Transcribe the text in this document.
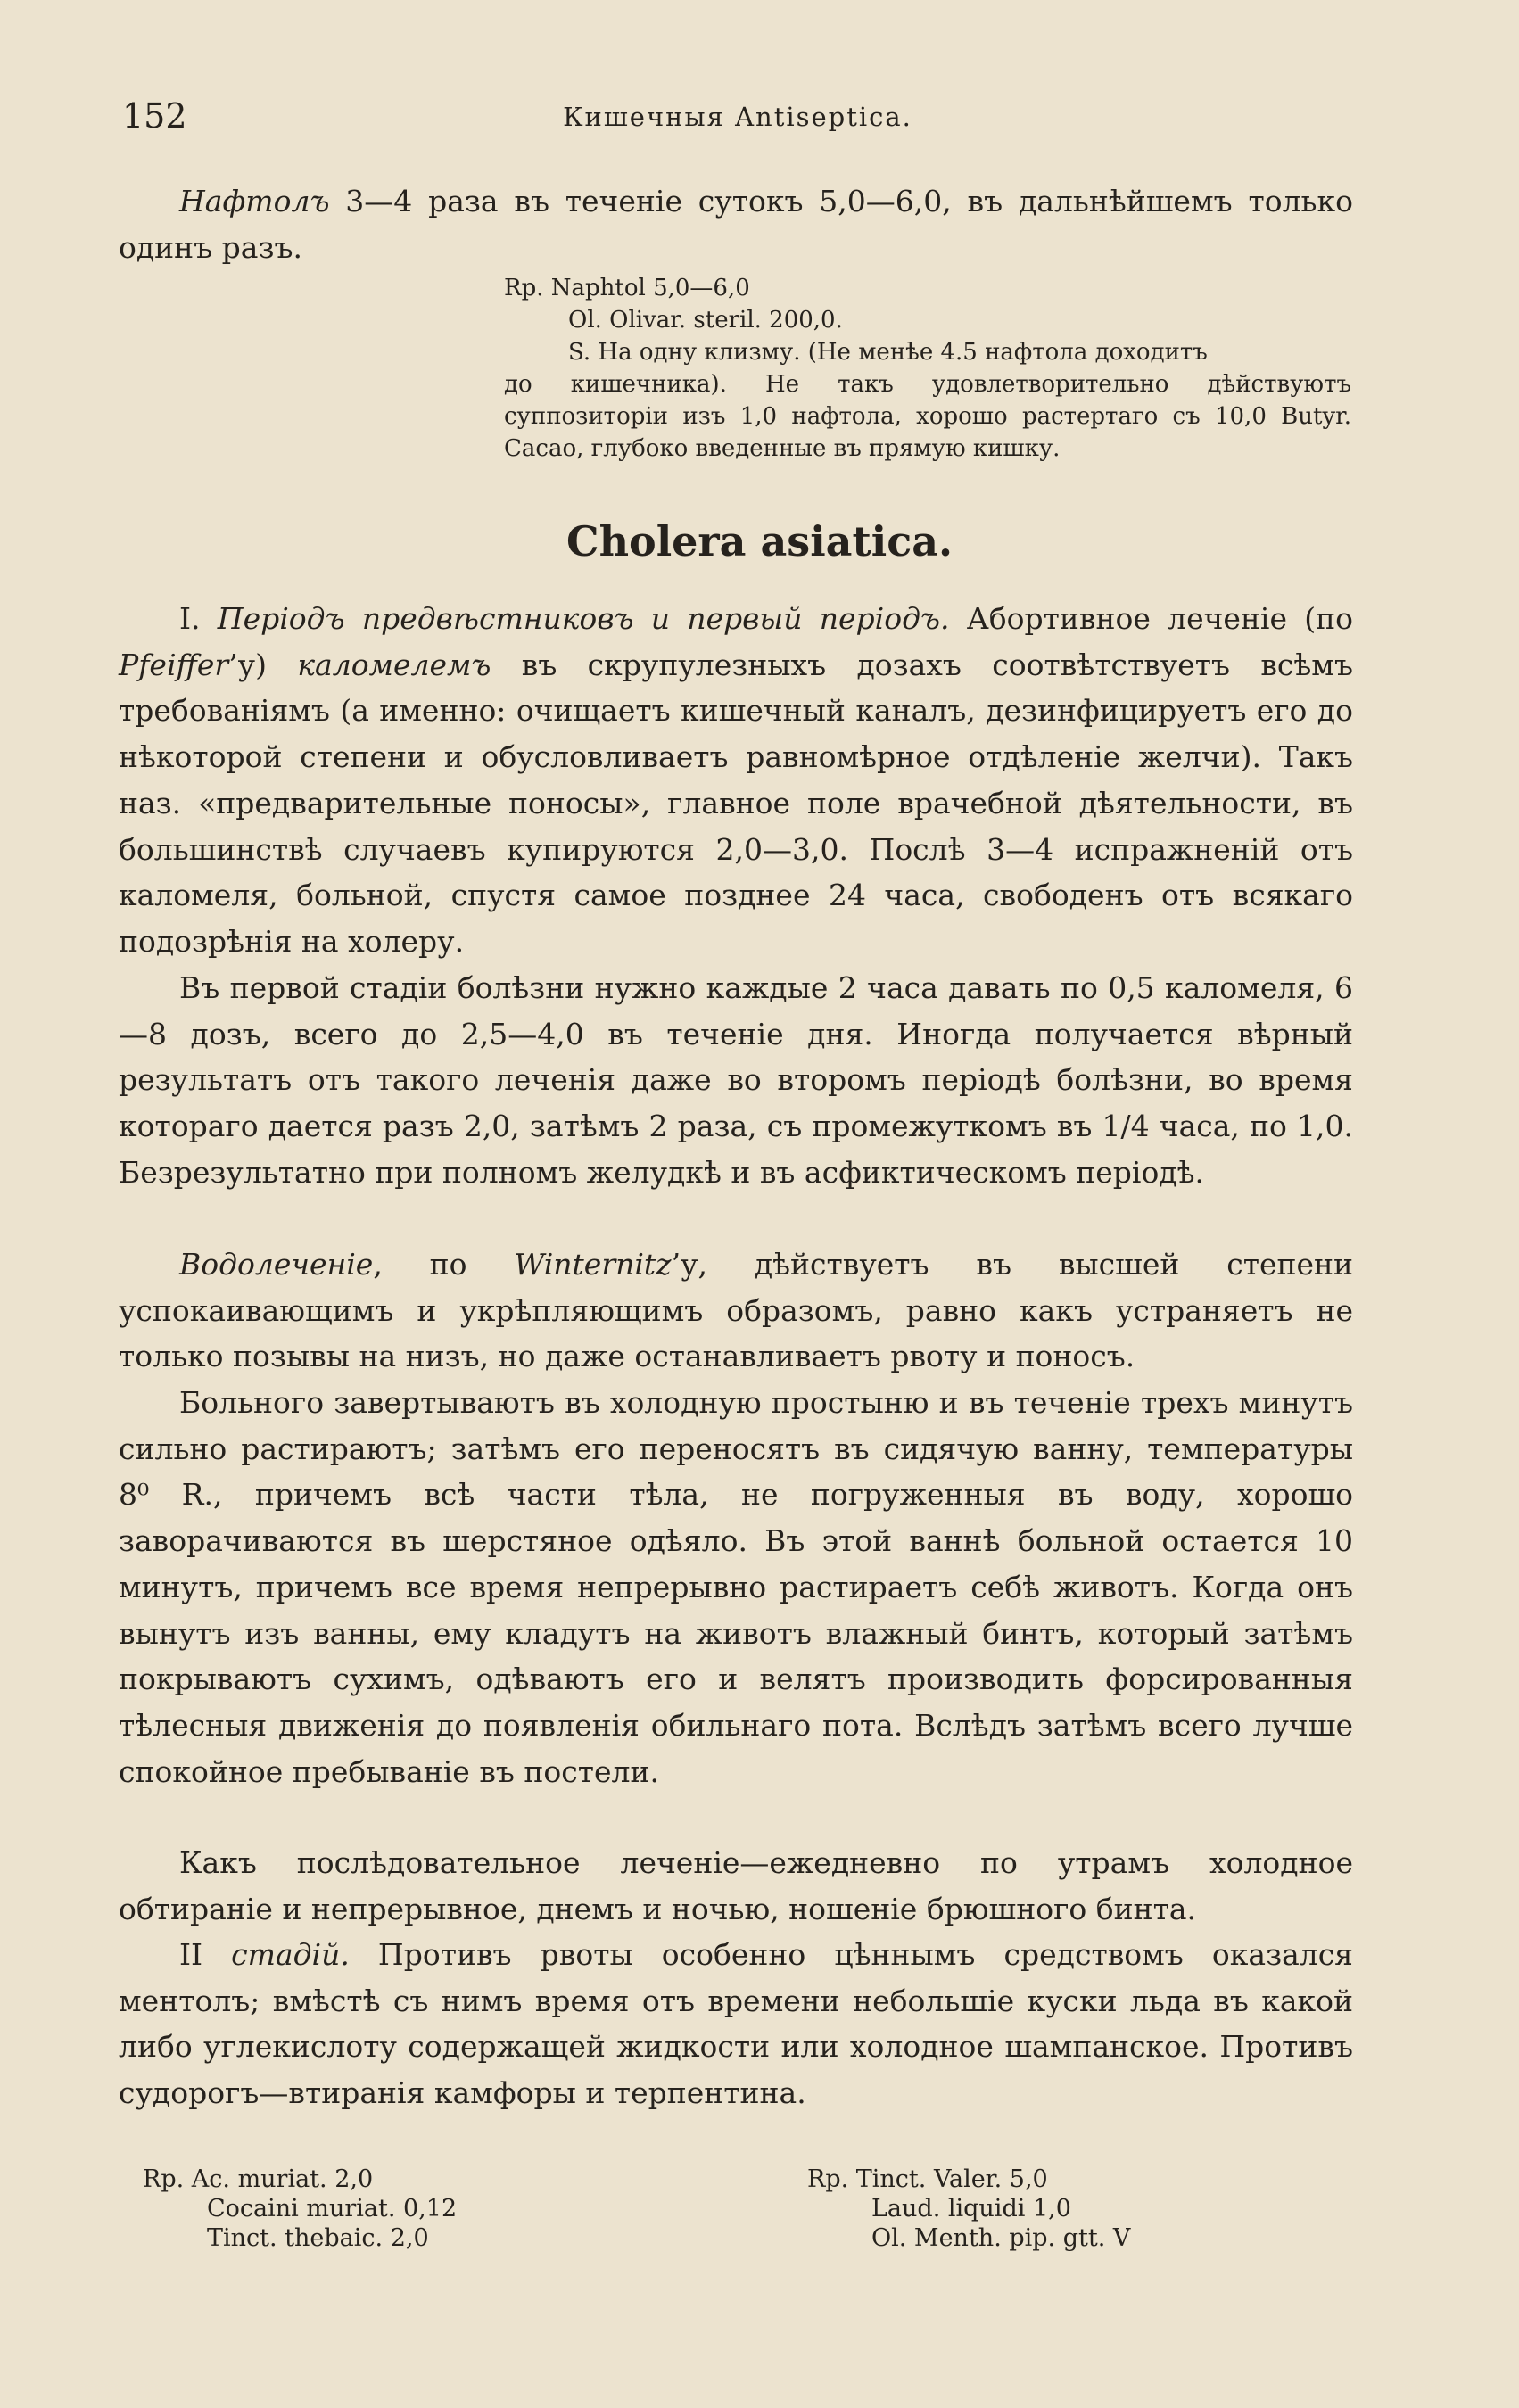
152	Кишечныя Antiseptica.

Нафтолъ 3—4 раза въ теченіе сутокъ 5,0—6,0, въ дальнѣйшемъ только одинъ разъ.

Rp. Naphtol 5,0—6,0
Ol. Olivar. steril. 200,0.
S. На одну клизму. (Не менѣе 4.5 нафтола доходитъ
до кишечника). Не такъ удовлетворительно дѣйствуютъ суппозиторіи изъ 1,0 нафтола, хорошо растертаго съ 10,0 Butyr. Cacao, глубоко введенные въ прямую кишку.
Cholera asiatica.

I. Періодъ предвѣстниковъ и первый періодъ. Абортивное леченіе (по Pfeiffer’у) каломелемъ въ скрупулезныхъ дозахъ соотвѣтствуетъ всѣмъ требованіямъ (а именно: очищаетъ кишечный каналъ, дезинфицируетъ его до нѣкоторой степени и обусловливаетъ равномѣрное отдѣленіе желчи). Такъ наз. «предварительные поносы», главное поле врачебной дѣятельности, въ большинствѣ случаевъ купируются 2,0—3,0. Послѣ 3—4 испражненій отъ каломеля, больной, спустя самое позднее 24 часа, свободенъ отъ всякаго подозрѣнія на холеру.

Въ первой стадіи болѣзни нужно каждые 2 часа давать по 0,5 каломеля, 6—8 дозъ, всего до 2,5—4,0 въ теченіе дня. Иногда получается вѣрный результатъ отъ такого леченія даже во второмъ періодѣ болѣзни, во время котораго дается разъ 2,0, затѣмъ 2 раза, съ промежуткомъ въ 1/4 часа, по 1,0. Безрезультатно при полномъ желудкѣ и въ асфиктическомъ періодѣ.

Водолеченіе, по Winternitz’у, дѣйствуетъ въ высшей степени успокаивающимъ и укрѣпляющимъ образомъ, равно какъ устраняетъ не только позывы на низъ, но даже останавливаетъ рвоту и поносъ.

Больного завертываютъ въ холодную простыню и въ теченіе трехъ минутъ сильно растираютъ; затѣмъ его переносятъ въ сидячую ванну, температуры 8⁰ R., причемъ всѣ части тѣла, не погруженныя въ воду, хорошо заворачиваются въ шерстяное одѣяло. Въ этой ваннѣ больной остается 10 минутъ, причемъ все время непрерывно растираетъ себѣ животъ. Когда онъ вынутъ изъ ванны, ему кладутъ на животъ влажный бинтъ, который затѣмъ покрываютъ сухимъ, одѣваютъ его и велятъ производить форсированныя тѣлесныя движенія до появленія обильнаго пота. Вслѣдъ затѣмъ всего лучше спокойное пребываніе въ постели.

Какъ послѣдовательное леченіе—ежедневно по утрамъ холодное обтираніе и непрерывное, днемъ и ночью, ношеніе брюшного бинта.

II стадій. Противъ рвоты особенно цѣннымъ средствомъ оказался ментолъ; вмѣстѣ съ нимъ время отъ времени небольшіе куски льда въ какой либо углекислоту содержащей жидкости или холодное шампанское. Противъ судорогъ—втиранія камфоры и терпентина.

Rp. Ac. muriat. 2,0
Cocaini muriat. 0,12
Tinct. thebaic. 2,0
Rp. Tinct. Valer. 5,0
Laud. liquidi 1,0
Ol. Menth. pip. gtt. V
